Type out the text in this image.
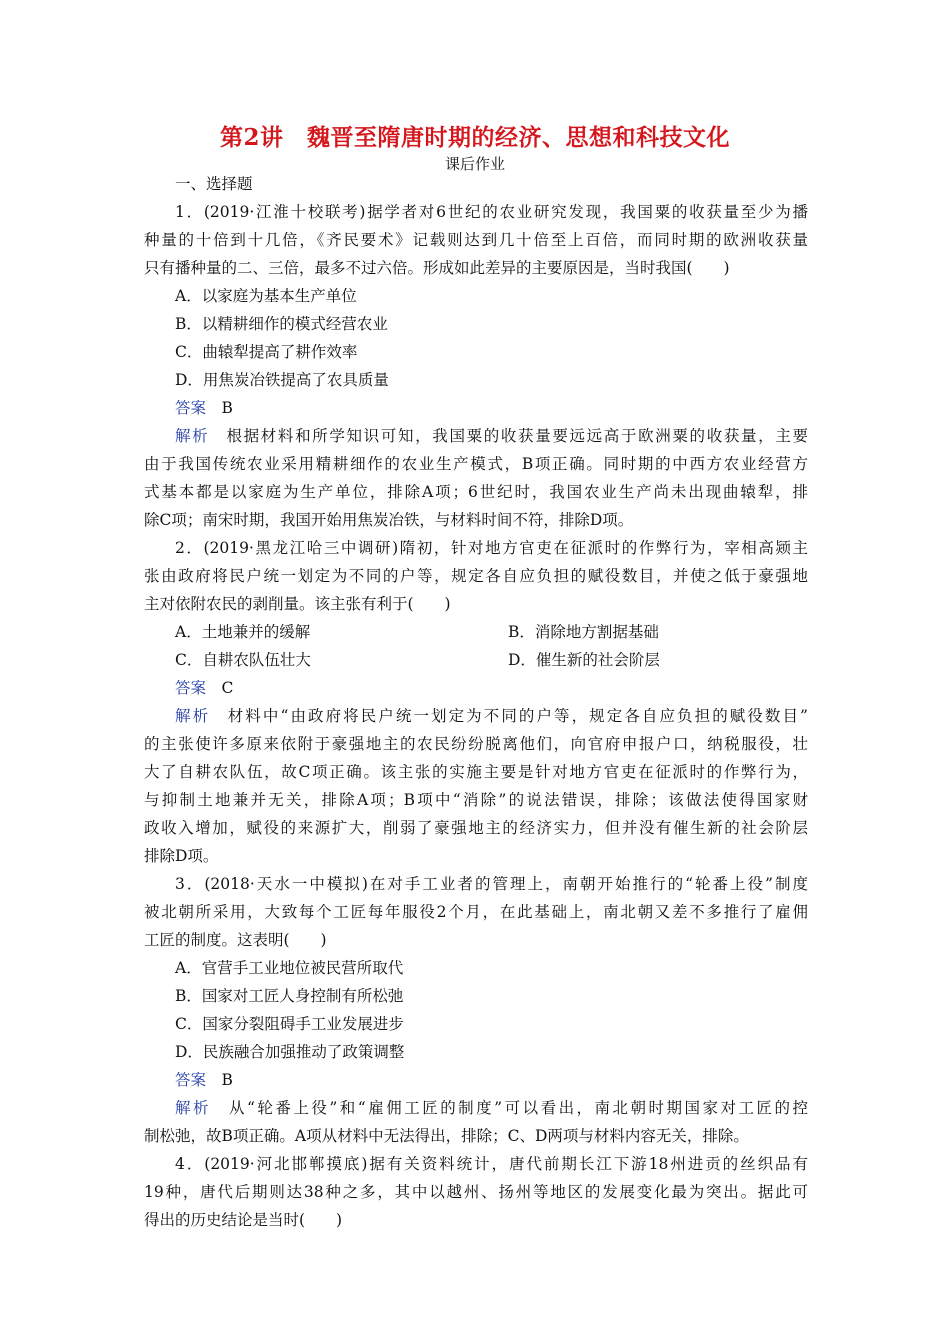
第2讲　魏晋至隋唐时期的经济、思想和科技文化
课后作业
一、选择题
1．(2019·江淮十校联考)据学者对6世纪的农业研究发现，我国粟的收获量至少为播
种量的十倍到十几倍，《齐民要术》记载则达到几十倍至上百倍，而同时期的欧洲收获量
只有播种量的二、三倍，最多不过六倍。形成如此差异的主要原因是，当时我国(　　)
A．以家庭为基本生产单位
B．以精耕细作的模式经营农业
C．曲辕犁提高了耕作效率
D．用焦炭冶铁提高了农具质量
答案　 B
解析　 根据材料和所学知识可知，我国粟的收获量要远远高于欧洲粟的收获量，主要
由于我国传统农业采用精耕细作的农业生产模式，B项正确。同时期的中西方农业经营方
式基本都是以家庭为生产单位，排除A项；6世纪时，我国农业生产尚未出现曲辕犁，排
除C项；南宋时期，我国开始用焦炭冶铁，与材料时间不符，排除D项。
2．(2019·黑龙江哈三中调研)隋初，针对地方官吏在征派时的作弊行为，宰相高颎主
张由政府将民户统一划定为不同的户等，规定各自应负担的赋役数目，并使之低于豪强地
主对依附农民的剥削量。该主张有利于(　　)
A．土地兼并的缓解	B．消除地方割据基础
C．自耕农队伍壮大	D．催生新的社会阶层
答案　 C
解析　 材料中“由政府将民户统一划定为不同的户等，规定各自应负担的赋役数目”
的主张使许多原来依附于豪强地主的农民纷纷脱离他们，向官府申报户口，纳税服役，壮
大了自耕农队伍，故C项正确。该主张的实施主要是针对地方官吏在征派时的作弊行为，
与抑制土地兼并无关，排除A项；B项中“消除”的说法错误，排除；该做法使得国家财
政收入增加，赋役的来源扩大，削弱了豪强地主的经济实力，但并没有催生新的社会阶层
排除D项。
3．(2018·天水一中模拟)在对手工业者的管理上，南朝开始推行的“轮番上役”制度
被北朝所采用，大致每个工匠每年服役2个月，在此基础上，南北朝又差不多推行了雇佣
工匠的制度。这表明(　　)
A．官营手工业地位被民营所取代
B．国家对工匠人身控制有所松弛
C．国家分裂阻碍手工业发展进步
D．民族融合加强推动了政策调整
答案　 B
解析　 从“轮番上役”和“雇佣工匠的制度”可以看出，南北朝时期国家对工匠的控
制松弛，故B项正确。A项从材料中无法得出，排除；C、D两项与材料内容无关，排除。
4．(2019·河北邯郸摸底)据有关资料统计，唐代前期长江下游18州进贡的丝织品有
19种，唐代后期则达38种之多，其中以越州、扬州等地区的发展变化最为突出。据此可
得出的历史结论是当时(　　)
